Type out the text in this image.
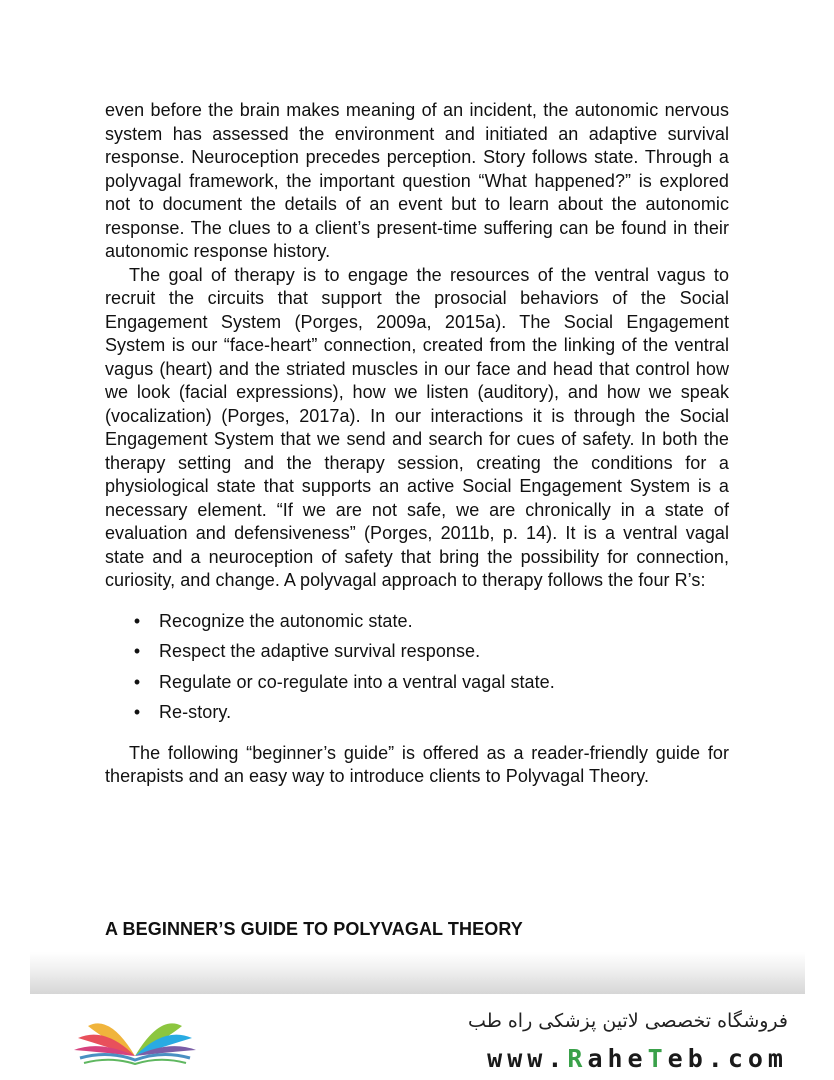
even before the brain makes meaning of an incident, the autonomic nervous system has assessed the environment and initiated an adaptive survival response. Neuroception precedes perception. Story follows state. Through a polyvagal framework, the important question “What happened?” is explored not to document the details of an event but to learn about the autonomic response. The clues to a client’s present-time suffering can be found in their autonomic response history.

The goal of therapy is to engage the resources of the ventral vagus to recruit the circuits that support the prosocial behaviors of the Social Engagement System (Porges, 2009a, 2015a). The Social Engagement System is our “face-heart” connection, created from the linking of the ventral vagus (heart) and the striated muscles in our face and head that control how we look (facial expressions), how we listen (auditory), and how we speak (vocalization) (Porges, 2017a). In our interactions it is through the Social Engagement System that we send and search for cues of safety. In both the therapy setting and the therapy session, creating the conditions for a physiological state that supports an active Social Engagement System is a necessary element. “If we are not safe, we are chronically in a state of evaluation and defensiveness” (Porges, 2011b, p. 14). It is a ventral vagal state and a neuroception of safety that bring the possibility for connection, curiosity, and change. A polyvagal approach to therapy follows the four R’s:

• Recognize the autonomic state.
• Respect the adaptive survival response.
• Regulate or co-regulate into a ventral vagal state.
• Re-story.

The following “beginner’s guide” is offered as a reader-friendly guide for therapists and an easy way to introduce clients to Polyvagal Theory.

A BEGINNER’S GUIDE TO POLYVAGAL THEORY
فروشگاه تخصصی لاتین پزشکی راه طب
www.RaheTeb.com
